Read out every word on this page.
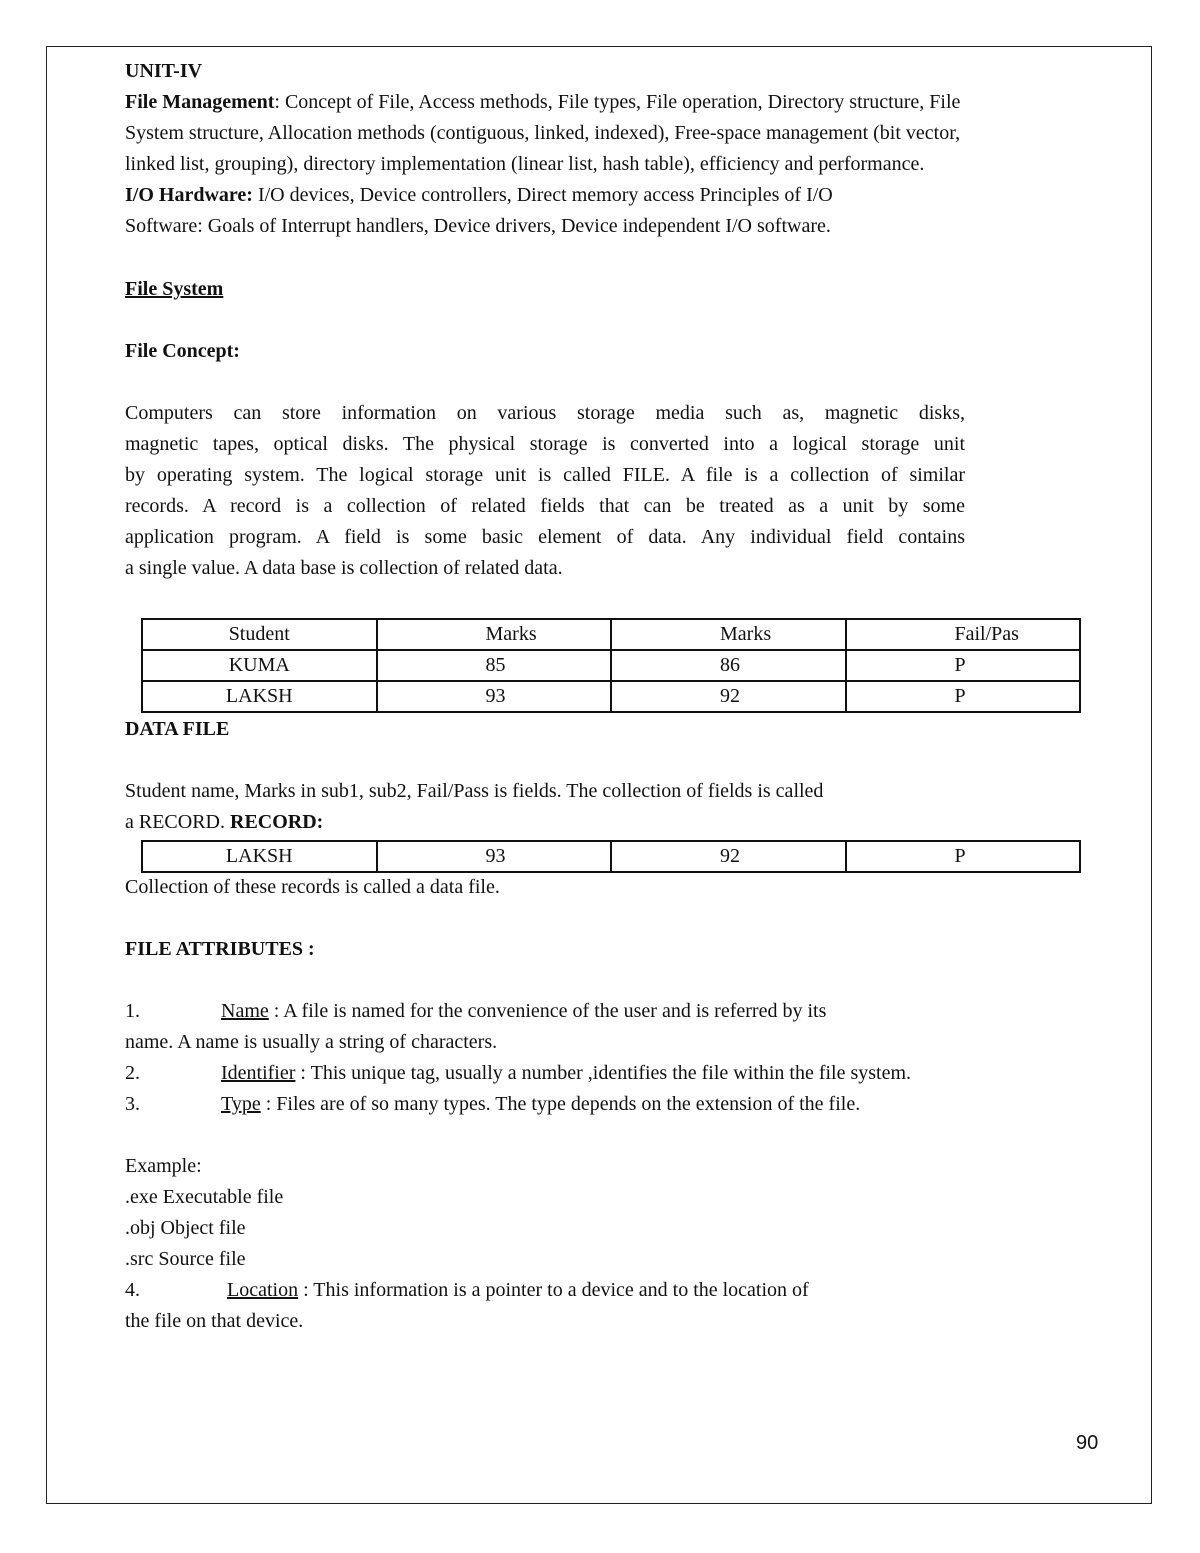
UNIT-IV

File Management: Concept of File, Access methods, File types, File operation, Directory structure, File

System structure, Allocation methods (contiguous, linked, indexed), Free-space management (bit vector,

linked list, grouping), directory implementation (linear list, hash table), efficiency and performance.

I/O Hardware: I/O devices, Device controllers, Direct memory access Principles of I/O

Software: Goals of Interrupt handlers, Device drivers, Device independent I/O software.

File System

File Concept:

Computers can store information on various storage media such as, magnetic disks,

magnetic tapes, optical disks. The physical storage is converted into a logical storage unit

by operating system. The logical storage unit is called FILE. A file is a collection of similar

records. A record is a collection of related fields that can be treated as a unit by some

application program. A field is some basic element of data. Any individual field contains

a single value. A data base is collection of related data.

Student	Marks	Marks	Fail/Pas
KUMA	85	86	P
LAKSH	93	92	P

DATA FILE

Student name, Marks in sub1, sub2, Fail/Pass is fields. The collection of fields is called

a RECORD. RECORD:

LAKSH	93	92	P

Collection of these records is called a data file.

FILE ATTRIBUTES :

1.	Name : A file is named for the convenience of the user and is referred by its

name. A name is usually a string of characters.

2.	Identifier : This unique tag, usually a number ,identifies the file within the file system.

3.	Type : Files are of so many types. The type depends on the extension of the file.

Example:

.exe Executable file

.obj Object file

.src Source file

4.	Location : This information is a pointer to a device and to the location of

the file on that device.

90
